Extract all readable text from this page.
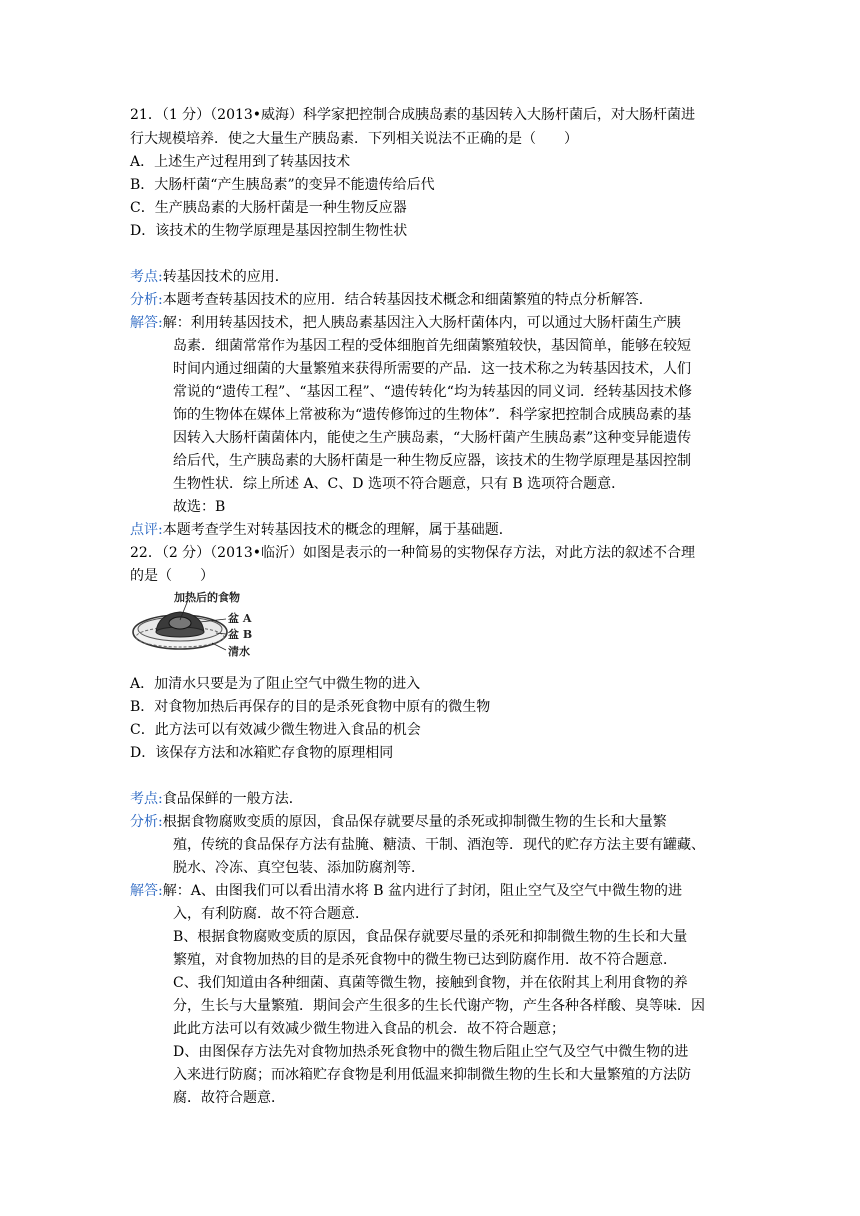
21．（1 分）（2013•威海）科学家把控制合成胰岛素的基因转入大肠杆菌后，对大肠杆菌进
行大规模培养．使之大量生产胰岛素．下列相关说法不正确的是（　　）
A．上述生产过程用到了转基因技术
B．大肠杆菌“产生胰岛素”的变异不能遗传给后代
C．生产胰岛素的大肠杆菌是一种生物反应器
D．该技术的生物学原理是基因控制生物性状
考点:转基因技术的应用．
分析:本题考查转基因技术的应用．结合转基因技术概念和细菌繁殖的特点分析解答．
解答:解：利用转基因技术，把人胰岛素基因注入大肠杆菌体内，可以通过大肠杆菌生产胰
岛素．细菌常常作为基因工程的受体细胞首先细菌繁殖较快，基因简单，能够在较短
时间内通过细菌的大量繁殖来获得所需要的产品．这一技术称之为转基因技术，人们
常说的“遗传工程”、“基因工程”、“遗传转化“均为转基因的同义词．经转基因技术修
饰的生物体在媒体上常被称为“遗传修饰过的生物体”．科学家把控制合成胰岛素的基
因转入大肠杆菌菌体内，能使之生产胰岛素，“大肠杆菌产生胰岛素”这种变异能遗传
给后代，生产胰岛素的大肠杆菌是一种生物反应器，该技术的生物学原理是基因控制
生物性状．综上所述 A、C、D 选项不符合题意，只有 B 选项符合题意．
故选：B
点评:本题考查学生对转基因技术的概念的理解，属于基础题．
22．（2 分）（2013•临沂）如图是表示的一种简易的实物保存方法，对此方法的叙述不合理
的是（　　）
加热后的食物
盆 A
盆 B
清水
A．加清水只要是为了阻止空气中微生物的进入
B．对食物加热后再保存的目的是杀死食物中原有的微生物
C．此方法可以有效减少微生物进入食品的机会
D．该保存方法和冰箱贮存食物的原理相同
考点:食品保鲜的一般方法．
分析:根据食物腐败变质的原因，食品保存就要尽量的杀死或抑制微生物的生长和大量繁
殖，传统的食品保存方法有盐腌、糖渍、干制、酒泡等．现代的贮存方法主要有罐藏、
脱水、冷冻、真空包装、添加防腐剂等．
解答:解：A、由图我们可以看出清水将 B 盆内进行了封闭，阻止空气及空气中微生物的进
入，有利防腐．故不符合题意．
B、根据食物腐败变质的原因，食品保存就要尽量的杀死和抑制微生物的生长和大量
繁殖，对食物加热的目的是杀死食物中的微生物已达到防腐作用．故不符合题意．
C、我们知道由各种细菌、真菌等微生物，接触到食物，并在依附其上利用食物的养
分，生长与大量繁殖．期间会产生很多的生长代谢产物，产生各种各样酸、臭等味．因
此此方法可以有效减少微生物进入食品的机会．故不符合题意；
D、由图保存方法先对食物加热杀死食物中的微生物后阻止空气及空气中微生物的进
入来进行防腐；而冰箱贮存食物是利用低温来抑制微生物的生长和大量繁殖的方法防
腐．故符合题意．
